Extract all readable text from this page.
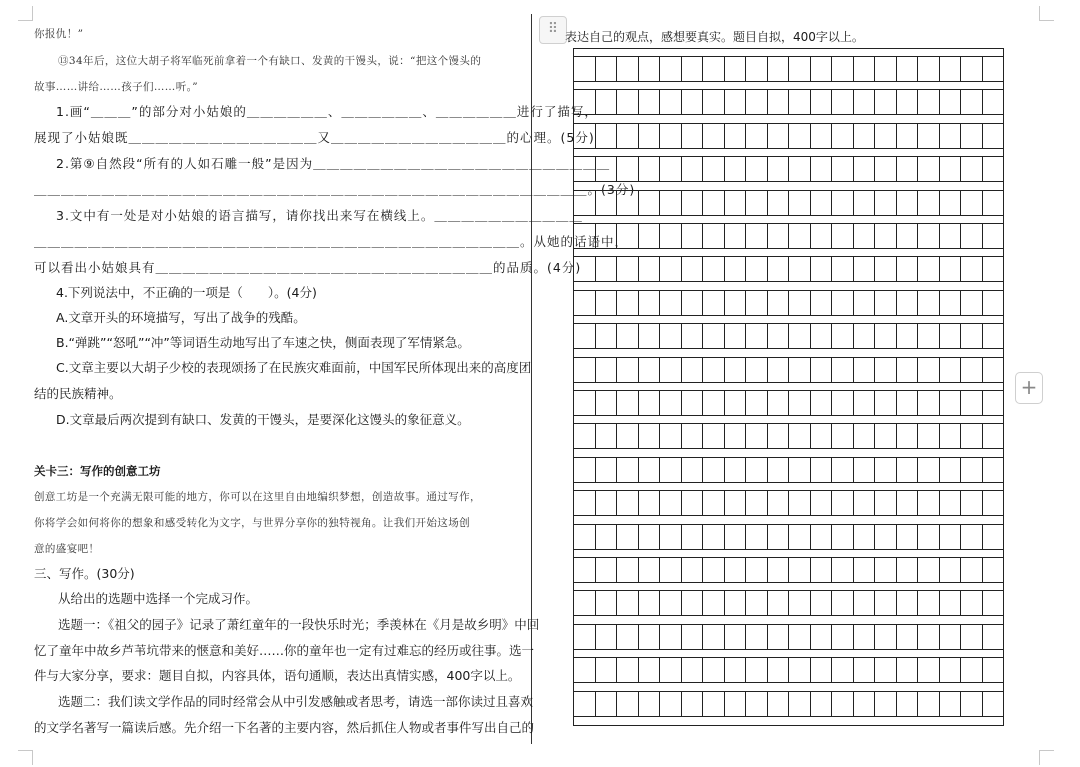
你报仇！”
⑬34年后，这位大胡子将军临死前拿着一个有缺口、发黄的干馒头，说：“把这个馒头的
故事……讲给……孩子们……听。”
1.画“＿＿＿”的部分对小姑娘的＿＿＿＿＿＿、＿＿＿＿＿＿、＿＿＿＿＿＿进行了描写，
展现了小姑娘既＿＿＿＿＿＿＿＿＿＿＿＿＿＿又＿＿＿＿＿＿＿＿＿＿＿＿＿的心理。(5分)
2.第⑨自然段“所有的人如石雕一般”是因为＿＿＿＿＿＿＿＿＿＿＿＿＿＿＿＿＿＿＿＿＿＿
＿＿＿＿＿＿＿＿＿＿＿＿＿＿＿＿＿＿＿＿＿＿＿＿＿＿＿＿＿＿＿＿＿＿＿＿＿＿＿＿＿。(3分)
3.文中有一处是对小姑娘的语言描写，请你找出来写在横线上。＿＿＿＿＿＿＿＿＿＿＿
＿＿＿＿＿＿＿＿＿＿＿＿＿＿＿＿＿＿＿＿＿＿＿＿＿＿＿＿＿＿＿＿＿＿＿＿。从她的话语中，
可以看出小姑娘具有＿＿＿＿＿＿＿＿＿＿＿＿＿＿＿＿＿＿＿＿＿＿＿＿＿的品质。(4分)
4.下列说法中，不正确的一项是（　　）。(4分)
A.文章开头的环境描写，写出了战争的残酷。
B.“弹跳”“怒吼”“冲”等词语生动地写出了车速之快，侧面表现了军情紧急。
C.文章主要以大胡子少校的表现颂扬了在民族灾难面前，中国军民所体现出来的高度团
结的民族精神。
D.文章最后两次提到有缺口、发黄的干馒头，是要深化这馒头的象征意义。
关卡三：写作的创意工坊
创意工坊是一个充满无限可能的地方，你可以在这里自由地编织梦想，创造故事。通过写作，
你将学会如何将你的想象和感受转化为文字，与世界分享你的独特视角。让我们开始这场创
意的盛宴吧！
三、写作。(30分)
从给出的选题中选择一个完成习作。
选题一：《祖父的园子》记录了萧红童年的一段快乐时光；季羡林在《月是故乡明》中回
忆了童年中故乡芦苇坑带来的惬意和美好……你的童年也一定有过难忘的经历或往事。选一
件与大家分享，要求：题目自拟，内容具体，语句通顺，表达出真情实感，400字以上。
选题二：我们读文学作品的同时经常会从中引发感触或者思考，请选一部你读过且喜欢
的文学名著写一篇读后感。先介绍一下名著的主要内容，然后抓住人物或者事件写出自己的
⠿ 表达自己的观点，感想要真实。题目自拟，400字以上。
+
